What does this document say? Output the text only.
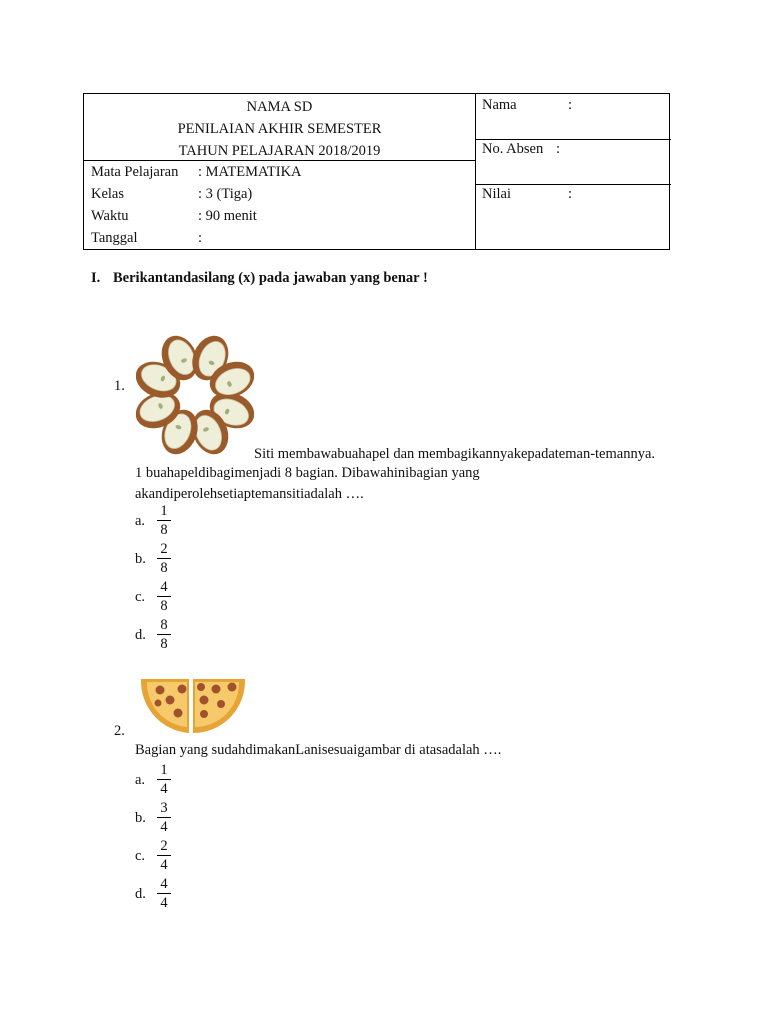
NAMA SD
PENILAIAN AKHIR SEMESTER
TAHUN PELAJARAN 2018/2019
Mata Pelajaran : MATEMATIKA
Kelas	: 3 (Tiga)
Waktu	: 90 menit
Tanggal	:
Nama	:
No. Absen :
Nilai	:
I. Berikantandasilang (x) pada jawaban yang benar !
1.
Siti membawabuahapel dan membagikannyakepadateman-temannya.
1 buahapeldibagimenjadi 8 bagian. Dibawahinibagian yang
akandiperolehsetiaptemansitiadalah ….
a.
1
8
b.
2
8
c.
4
8
d.
8
8
2.
Bagian yang sudahdimakanLanisesuaigambar di atasadalah ….
a.
1
4
b.
3
4
c.
2
4
d.
4
4
